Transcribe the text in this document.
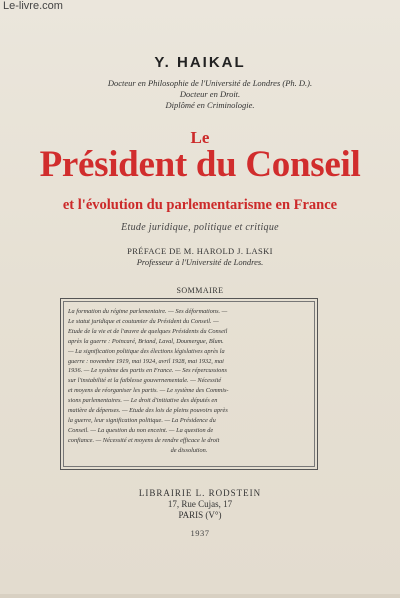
Le-livre.com
Y. HAIKAL
Docteur en Philosophie de l'Université de Londres (Ph. D.).
Docteur en Droit.
Diplômé en Criminologie.
Le
Président du Conseil
et l'évolution du parlementarisme en France
Etude juridique, politique et critique
PRÉFACE DE M. HAROLD J. LASKI
Professeur à l'Université de Londres.
SOMMAIRE
La formation du régime parlementaire. — Ses déformations. —
Le statut juridique et coutumier du Président du Conseil. —
Etude de la vie et de l'œuvre de quelques Présidents du Conseil
après la guerre : Poincaré, Briand, Laval, Doumergue, Blum.
— La signification politique des élections législatives après la
guerre : novembre 1919, mai 1924, avril 1928, mai 1932, mai
1936. — Le système des partis en France. — Ses répercussions
sur l'instabilité et la faiblesse gouvernementale. — Nécessité
et moyens de réorganiser les partis. — Le système des Commis-
sions parlementaires. — Le droit d'initiative des députés en
matière de dépenses. — Etude des lois de pleins pouvoirs après
la guerre, leur signification politique. — La Présidence du
Conseil. — La question du non enceint. — La question de
confiance. — Nécessité et moyens de rendre efficace le droit
de dissolution.
LIBRAIRIE L. RODSTEIN
17, Rue Cujas, 17
PARIS (V°)
1937
